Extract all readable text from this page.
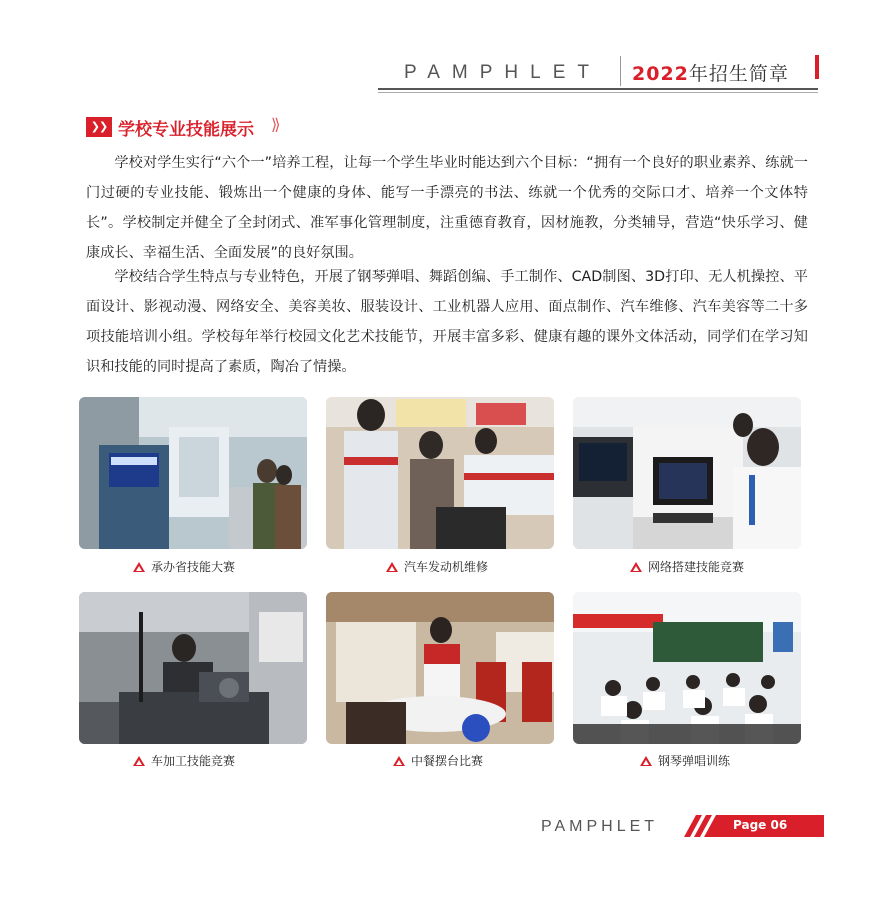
PAMPHLET 2022年招生简章
❯❯ 学校专业技能展示 ⟩⟩
学校对学生实行“六个一”培养工程，让每一个学生毕业时能达到六个目标：“拥有一个良好的职业素养、练就一门过硬的专业技能、锻炼出一个健康的身体、能写一手漂亮的书法、练就一个优秀的交际口才、培养一个文体特长”。学校制定并健全了全封闭式、准军事化管理制度，注重德育教育，因材施教，分类辅导，营造“快乐学习、健康成长、幸福生活、全面发展”的良好氛围。
学校结合学生特点与专业特色，开展了钢琴弹唱、舞蹈创编、手工制作、CAD制图、3D打印、无人机操控、平面设计、影视动漫、网络安全、美容美妆、服装设计、工业机器人应用、面点制作、汽车维修、汽车美容等二十多项技能培训小组。学校每年举行校园文化艺术技能节，开展丰富多彩、健康有趣的课外文体活动，同学们在学习知识和技能的同时提高了素质，陶冶了情操。
承办省技能大赛	汽车发动机维修	网络搭建技能竞赛
车加工技能竞赛	中餐摆台比赛	钢琴弹唱训练
PAMPHLET	Page 06
